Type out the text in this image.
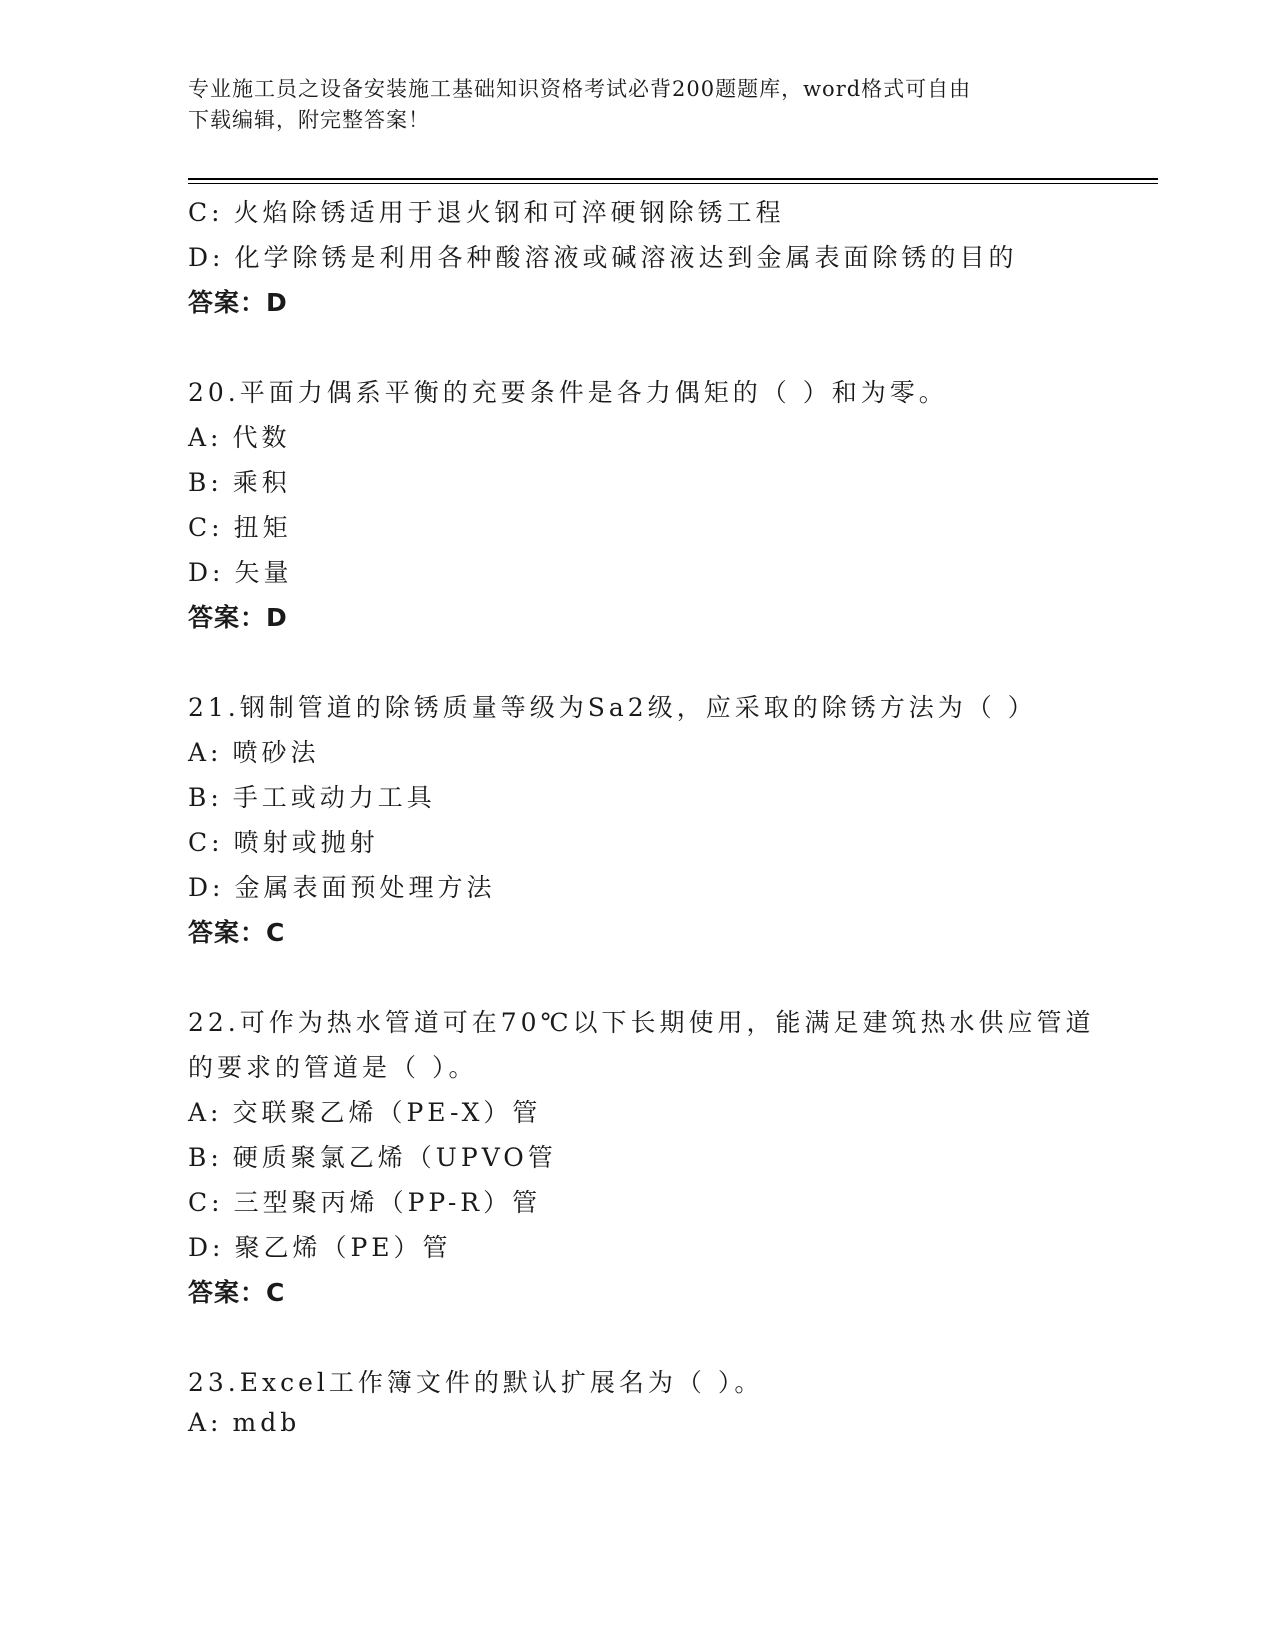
专业施工员之设备安装施工基础知识资格考试必背200题题库，word格式可自由
下载编辑，附完整答案！
C: 火焰除锈适用于退火钢和可淬硬钢除锈工程
D: 化学除锈是利用各种酸溶液或碱溶液达到金属表面除锈的目的
答案：D
20.平面力偶系平衡的充要条件是各力偶矩的（ ）和为零。
A: 代数
B: 乘积
C: 扭矩
D: 矢量
答案：D
21.钢制管道的除锈质量等级为Sa2级，应采取的除锈方法为（ ）
A: 喷砂法
B: 手工或动力工具
C: 喷射或抛射
D: 金属表面预处理方法
答案：C
22.可作为热水管道可在70℃以下长期使用，能满足建筑热水供应管道
的要求的管道是（ ）。
A: 交联聚乙烯（PE-X）管
B: 硬质聚氯乙烯（UPVO管
C: 三型聚丙烯（PP-R）管
D: 聚乙烯（PE）管
答案：C
23.Excel工作簿文件的默认扩展名为（ ）。
A: mdb
